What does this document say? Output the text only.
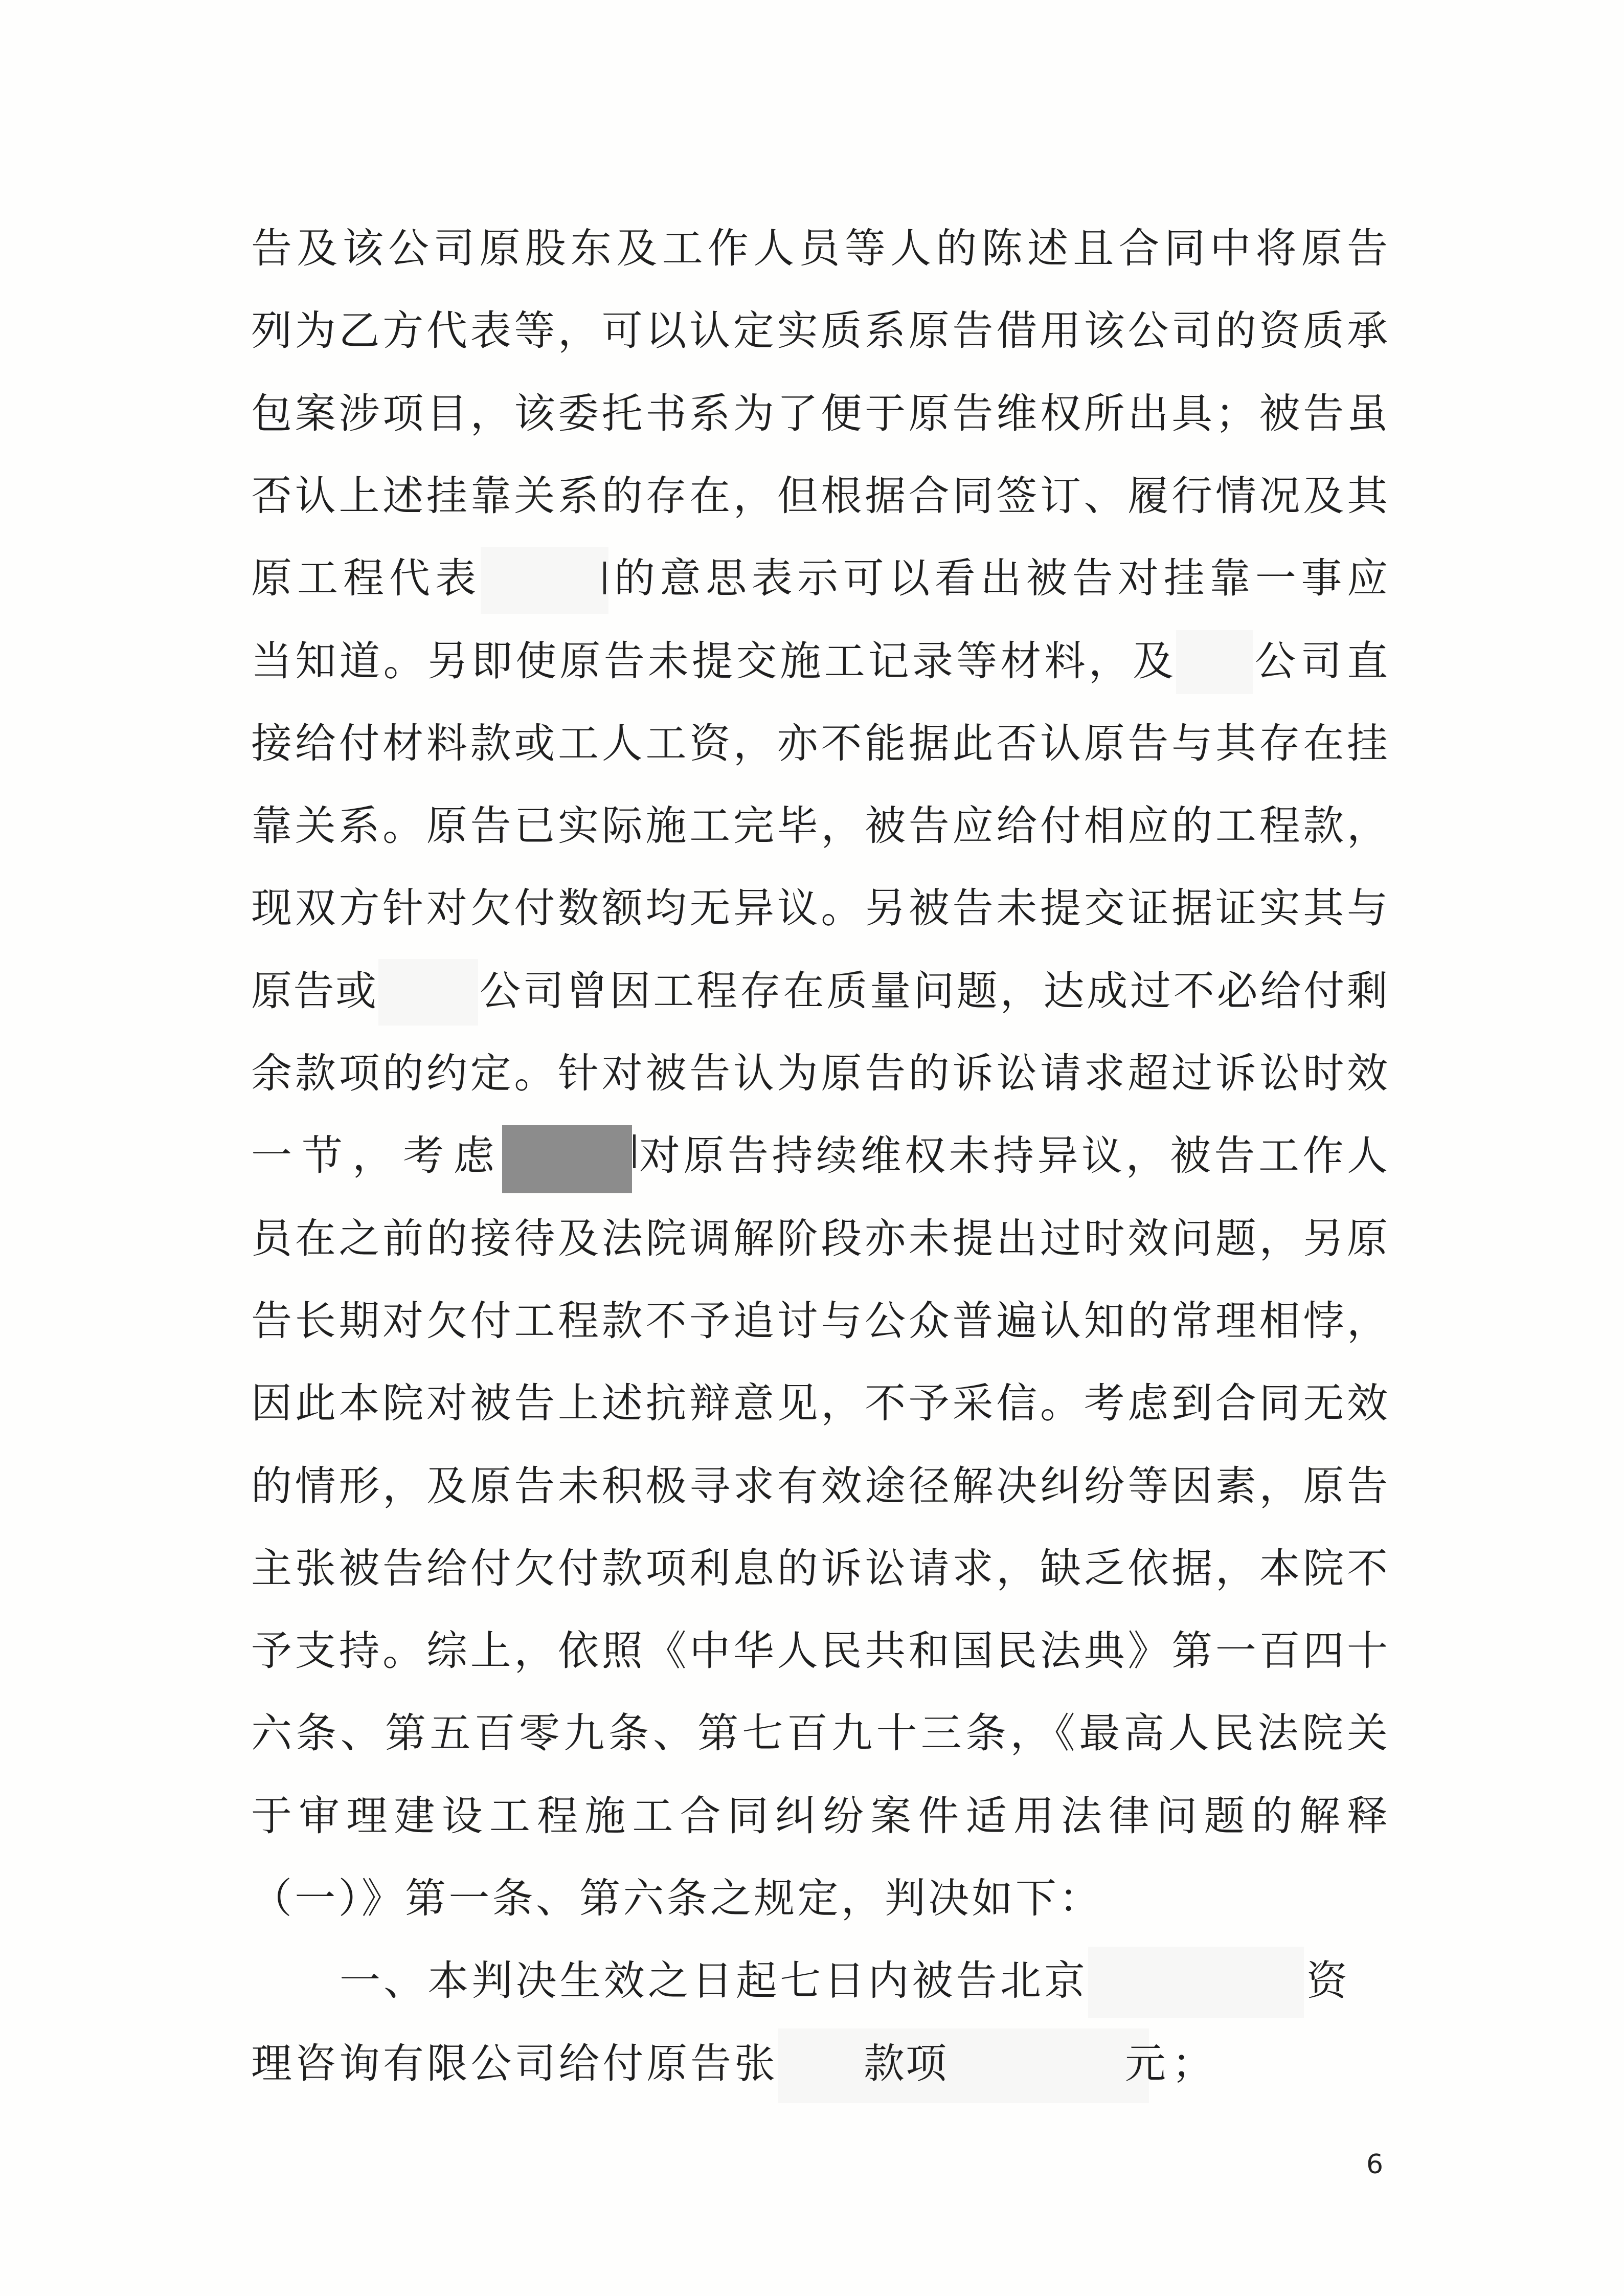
告及该公司原股东及工作人员等人的陈述且合同中将原告
列为乙方代表等，可以认定实质系原告借用该公司的资质承
包案涉项目，该委托书系为了便于原告维权所出具；被告虽
否认上述挂靠关系的存在，但根据合同签订、履行情况及其
原工程代表	的意思表示可以看出被告对挂靠一事应
当知道。另即使原告未提交施工记录等材料，及 公司直
接给付材料款或工人工资，亦不能据此否认原告与其存在挂
靠关系。原告已实际施工完毕，被告应给付相应的工程款，
现双方针对欠付数额均无异议。另被告未提交证据证实其与
原告或	公司曾因工程存在质量问题，达成过不必给付剩
余款项的约定。针对被告认为原告的诉讼请求超过诉讼时效
一节，考虑	对原告持续维权未持异议，被告工作人
员在之前的接待及法院调解阶段亦未提出过时效问题，另原
告长期对欠付工程款不予追讨与公众普遍认知的常理相悖，
因此本院对被告上述抗辩意见，不予采信。考虑到合同无效
的情形，及原告未积极寻求有效途径解决纠纷等因素，原告
主张被告给付欠付款项利息的诉讼请求，缺乏依据，本院不
予支持。综上，依照《中华人民共和国民法典》第一百四十
六条、第五百零九条、第七百九十三条，《最高人民法院关
于审理建设工程施工合同纠纷案件适用法律问题的解释
（一）》第一条、第六条之规定，判决如下：
一、本判决生效之日起七日内被告北京	资
理咨询有限公司给付原告张 款项	元；
6
